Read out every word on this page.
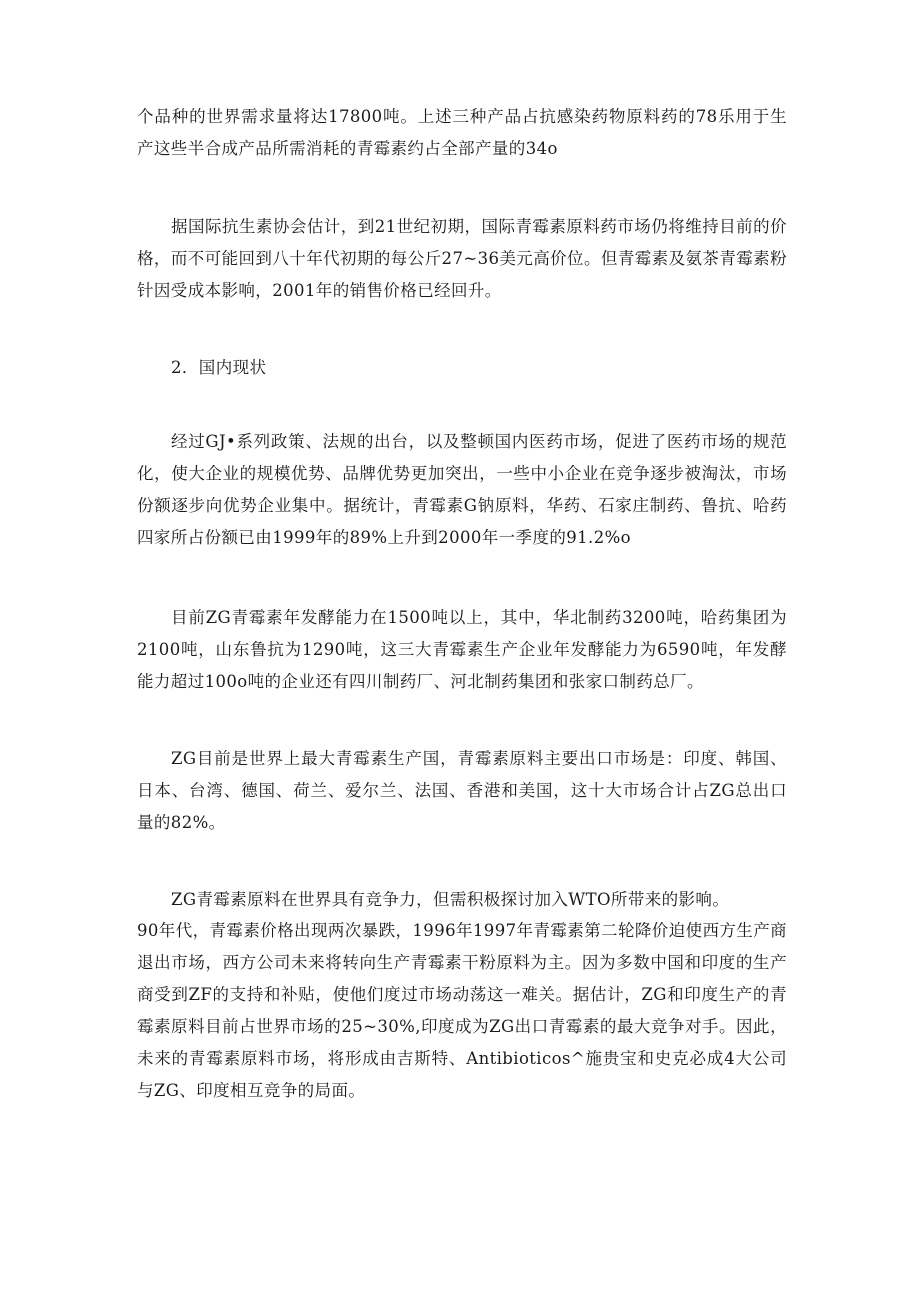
个品种的世界需求量将达17800吨。上述三种产品占抗感染药物原料药的78乐用于生产这些半合成产品所需消耗的青霉素约占全部产量的34o

据国际抗生素协会估计，到21世纪初期，国际青霉素原料药市场仍将维持目前的价格，而不可能回到八十年代初期的每公斤27~36美元高价位。但青霉素及氨茶青霉素粉针因受成本影响，2001年的销售价格已经回升。

2．国内现状

经过GJ•系列政策、法规的出台，以及整顿国内医药市场，促进了医药市场的规范化，使大企业的规模优势、品牌优势更加突出，一些中小企业在竞争逐步被淘汰，市场份额逐步向优势企业集中。据统计，青霉素G钠原料，华药、石家庄制药、鲁抗、哈药四家所占份额已由1999年的89%上升到2000年一季度的91.2%o

目前ZG青霉素年发酵能力在1500吨以上，其中，华北制药3200吨，哈药集团为2100吨，山东鲁抗为1290吨，这三大青霉素生产企业年发酵能力为6590吨，年发酵能力超过100o吨的企业还有四川制药厂、河北制药集团和张家口制药总厂。

ZG目前是世界上最大青霉素生产国，青霉素原料主要出口市场是：印度、韩国、日本、台湾、德国、荷兰、爱尔兰、法国、香港和美国，这十大市场合计占ZG总出口量的82%。

ZG青霉素原料在世界具有竞争力，但需积极探讨加入WTO所带来的影响。

90年代，青霉素价格出现两次暴跌，1996年1997年青霉素第二轮降价迫使西方生产商退出市场，西方公司未来将转向生产青霉素干粉原料为主。因为多数中国和印度的生产商受到ZF的支持和补贴，使他们度过市场动荡这一难关。据估计，ZG和印度生产的青霉素原料目前占世界市场的25~30%,印度成为ZG出口青霉素的最大竞争对手。因此，未来的青霉素原料市场，将形成由吉斯特、Antibioticos^施贵宝和史克必成4大公司与ZG、印度相互竞争的局面。
